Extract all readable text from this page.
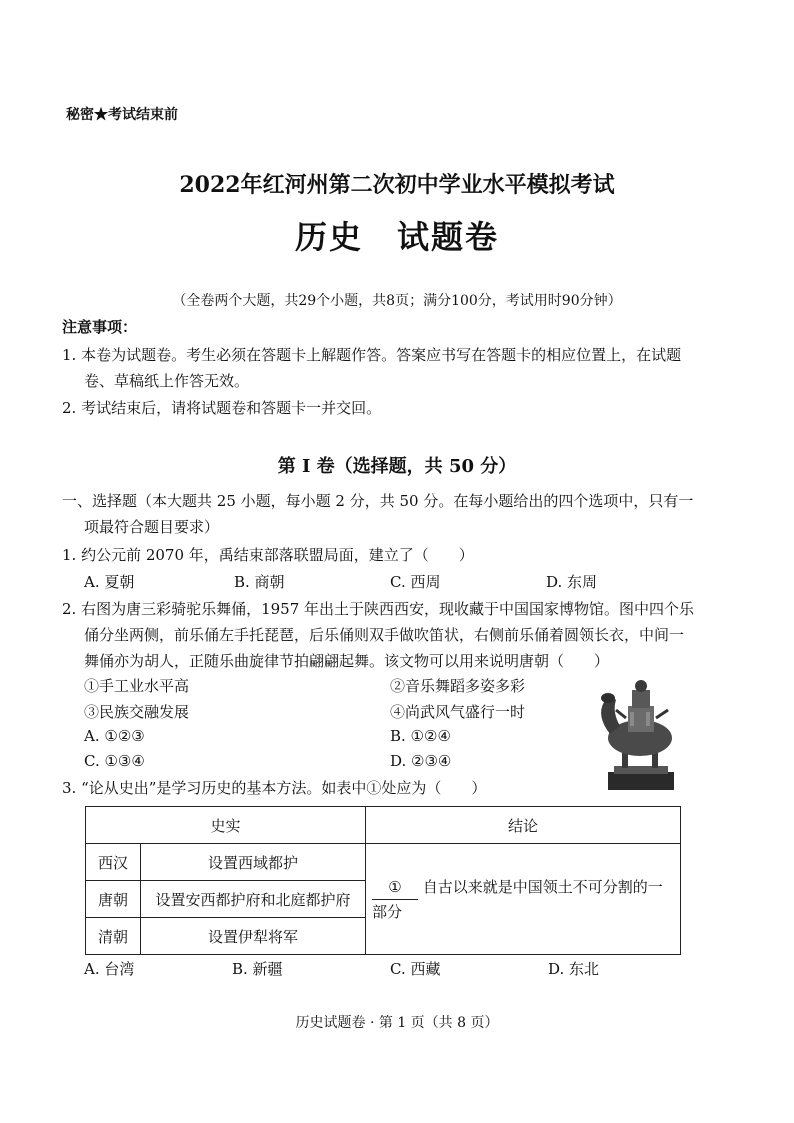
秘密★考试结束前
2022年红河州第二次初中学业水平模拟考试
历史　试题卷
（全卷两个大题，共29个小题，共8页；满分100分，考试用时90分钟）
注意事项：
1. 本卷为试题卷。考生必须在答题卡上解题作答。答案应书写在答题卡的相应位置上，在试题
卷、草稿纸上作答无效。
2. 考试结束后，请将试题卷和答题卡一并交回。
第 I 卷（选择题，共 50 分）
一、选择题（本大题共 25 小题，每小题 2 分，共 50 分。在每小题给出的四个选项中，只有一
项最符合题目要求）
1. 约公元前 2070 年，禹结束部落联盟局面，建立了（　　）
A. 夏朝	B. 商朝	C. 西周	D. 东周
2. 右图为唐三彩骑驼乐舞俑，1957 年出土于陕西西安，现收藏于中国国家博物馆。图中四个乐
俑分坐两侧，前乐俑左手托琵琶，后乐俑则双手做吹笛状，右侧前乐俑着圆领长衣，中间一
舞俑亦为胡人，正随乐曲旋律节拍翩翩起舞。该文物可以用来说明唐朝（　　）
①手工业水平高	②音乐舞蹈多姿多彩
③民族交融发展	④尚武风气盛行一时
A. ①②③	B. ①②④
C. ①③④	D. ②③④
3. “论从史出”是学习历史的基本方法。如表中①处应为（　　）
史实		结论
西汉	设置西域都护	① 自古以来就是中国领土不可分割的一部分
唐朝	设置安西都护府和北庭都护府	
清朝	设置伊犁将军	
A. 台湾	B. 新疆	C. 西藏	D. 东北
历史试题卷 · 第 1 页（共 8 页）
